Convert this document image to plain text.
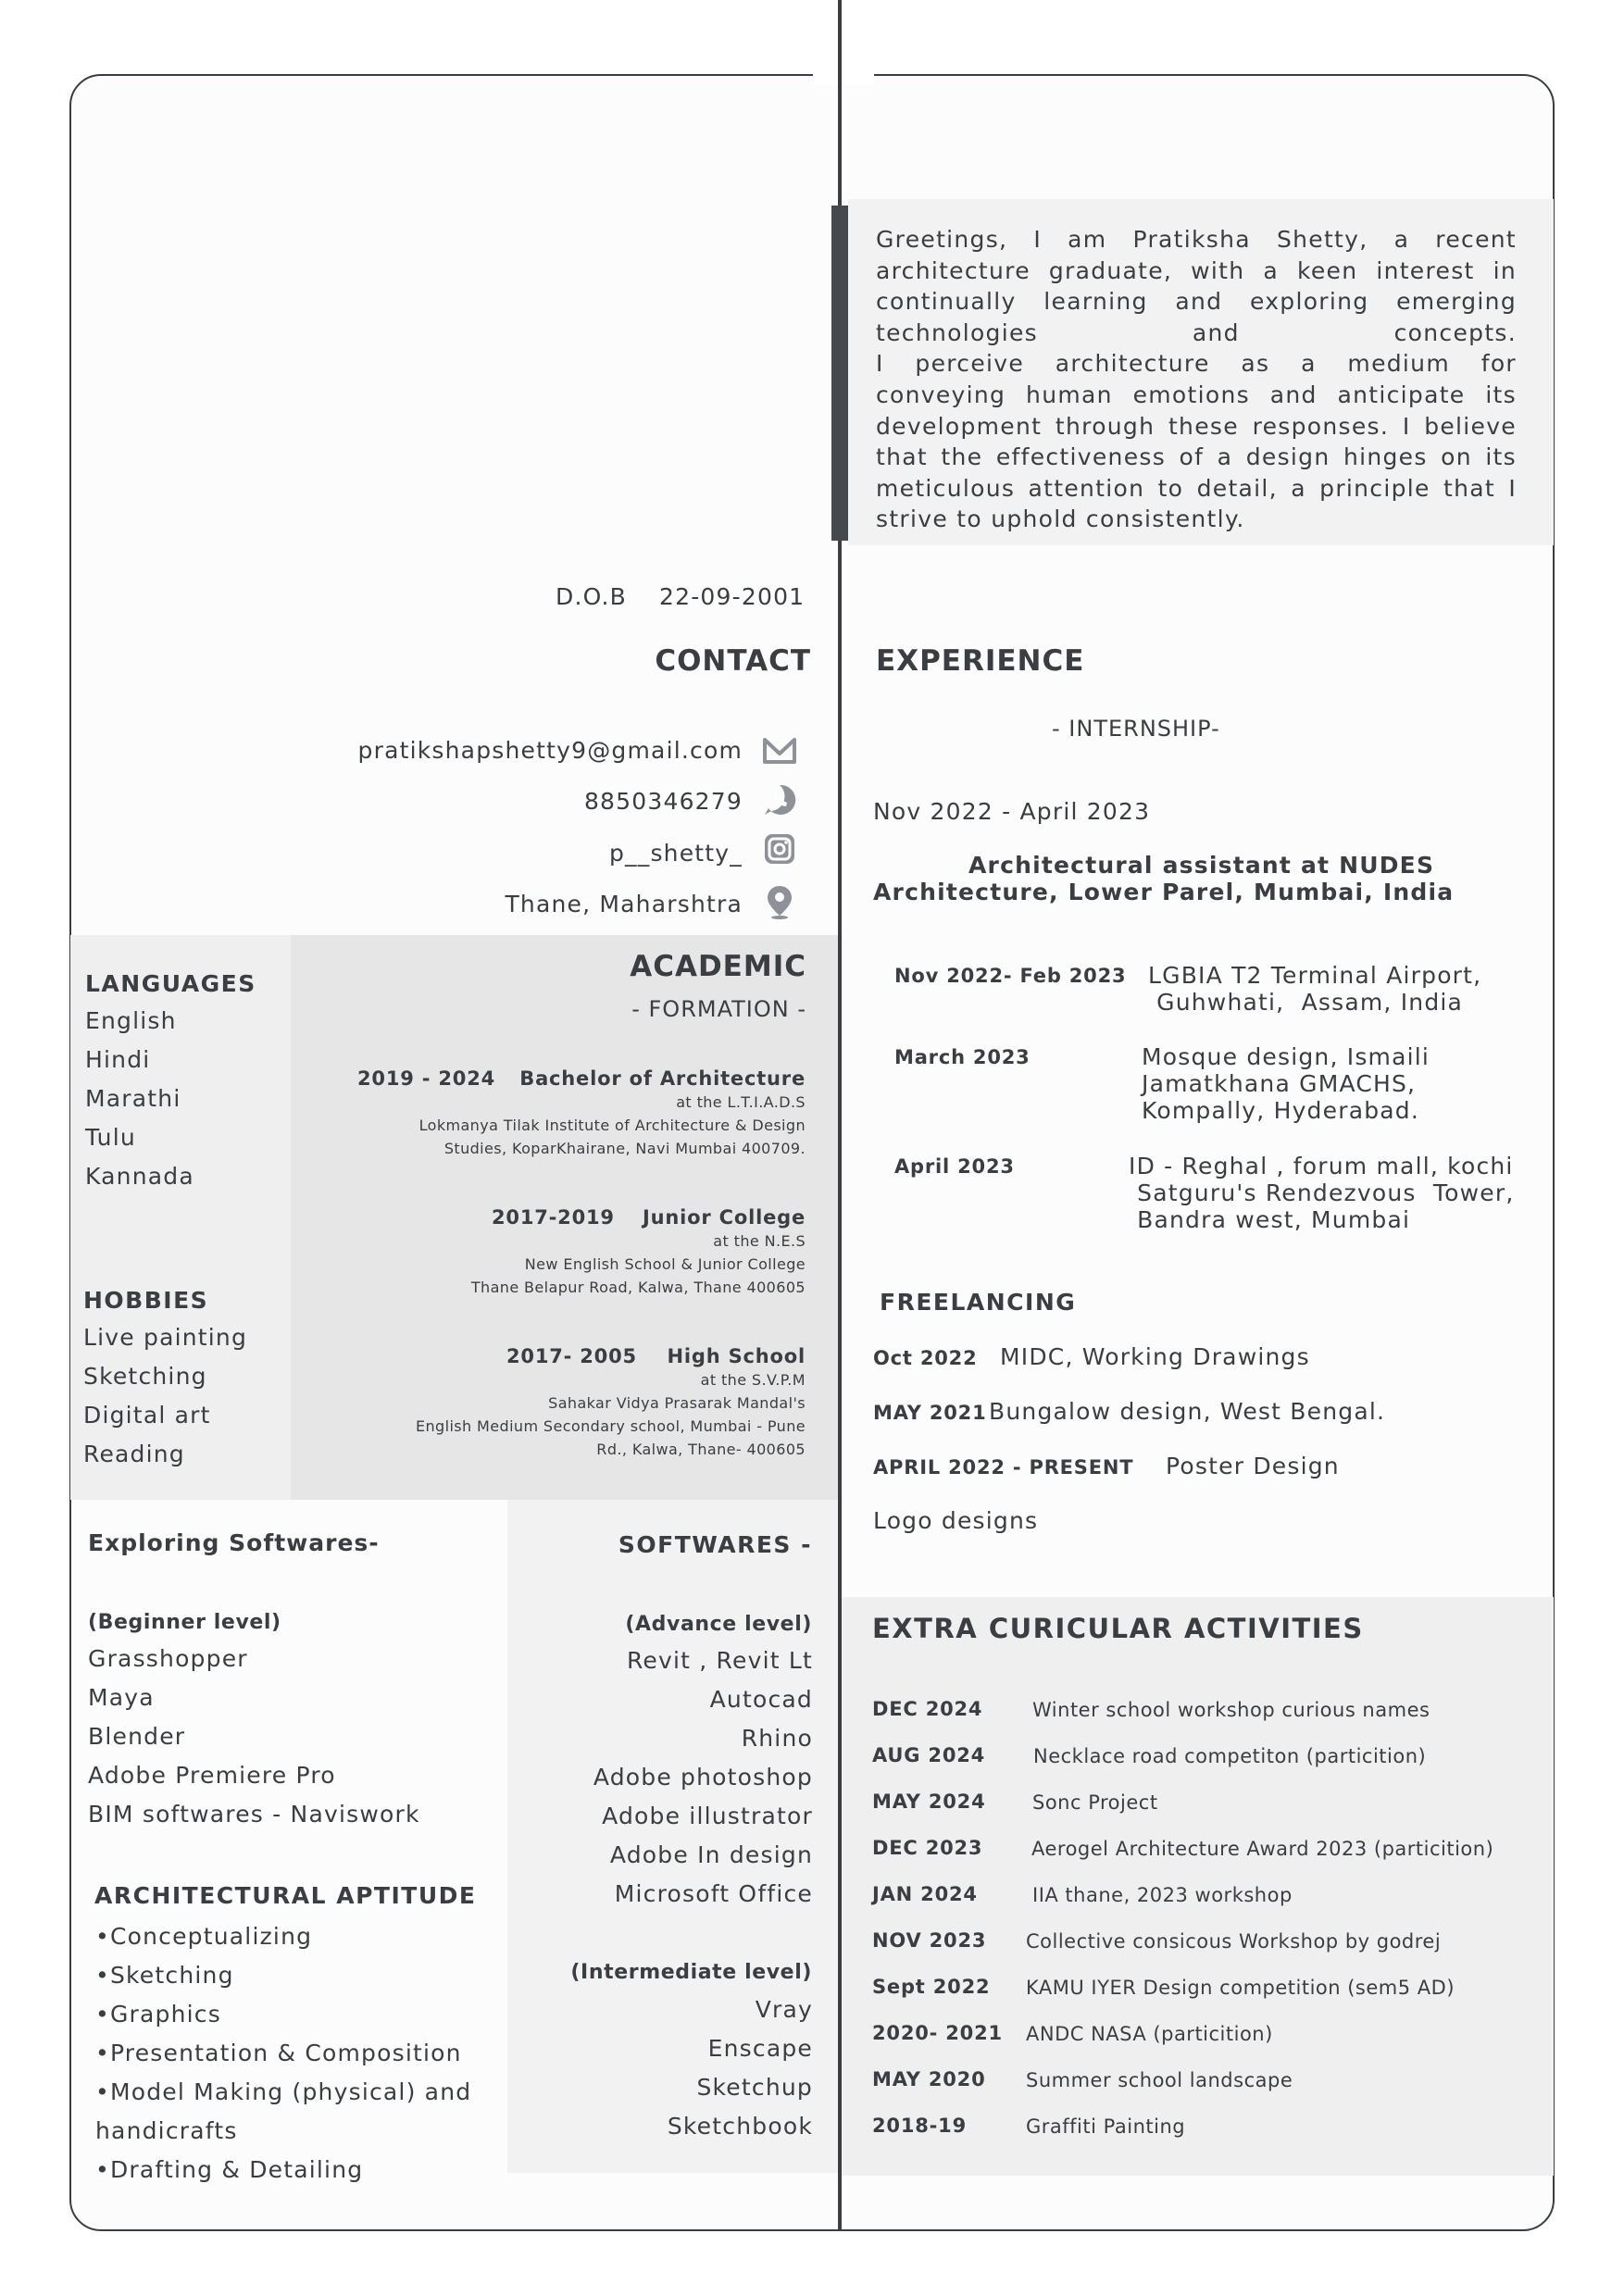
Greetings, I am Pratiksha Shetty, a recent architecture graduate, with a keen interest in continually learning and exploring emerging technologies and concepts.

I perceive architecture as a medium for conveying human emotions and anticipate its development through these responses. I believe that the effectiveness of a design hinges on its meticulous attention to detail, a principle that I strive to uphold consistently.

D.O.B 22-09-2001
CONTACT
pratikshapshetty9@gmail.com
8850346279
p__shetty_
Thane, Maharshtra
LANGUAGES
English
Hindi
Marathi
Tulu
Kannada
HOBBIES
Live painting
Sketching
Digital art
Reading
ACADEMIC
- FORMATION -
2019 - 2024	Bachelor of Architecture
at the L.T.I.A.D.S
Lokmanya Tilak Institute of Architecture & Design
Studies, KoparKhairane, Navi Mumbai 400709.
2017-2019	Junior College
at the N.E.S
New English School & Junior College
Thane Belapur Road, Kalwa, Thane 400605
2017- 2005	High School
at the S.V.P.M
Sahakar Vidya Prasarak Mandal's
English Medium Secondary school, Mumbai - Pune
Rd., Kalwa, Thane- 400605
Exploring Softwares-
(Beginner level)
Grasshopper
Maya
Blender
Adobe Premiere Pro
BIM softwares - Naviswork
ARCHITECTURAL APTITUDE
•Conceptualizing
•Sketching
•Graphics
•Presentation & Composition
•Model Making (physical) and
handicrafts
•Drafting & Detailing
SOFTWARES -
(Advance level)
Revit , Revit Lt
Autocad
Rhino
Adobe photoshop
Adobe illustrator
Adobe In design
Microsoft Office
(Intermediate level)
Vray
Enscape
Sketchup
Sketchbook
EXPERIENCE
- INTERNSHIP-
Nov 2022 - April 2023
Architectural assistant at NUDES
Architecture, Lower Parel, Mumbai, India
Nov 2022- Feb 2023 LGBIA T2 Terminal Airport,
Guhwhati,  Assam, India
March 2023	Mosque design, Ismaili
Jamatkhana GMACHS,
Kompally, Hyderabad.
April 2023	ID - Reghal , forum mall, kochi
Satguru's Rendezvous  Tower,
Bandra west, Mumbai
FREELANCING
Oct 2022 MIDC, Working Drawings
MAY 2021 Bungalow design, West Bengal.
APRIL 2022 - PRESENT Poster Design
Logo designs
EXTRA CURICULAR ACTIVITIES
DEC 2024	Winter school workshop curious names
AUG 2024 Necklace road competiton (particition)
MAY 2024 Sonc Project
DEC 2023	Aerogel Architecture Award 2023 (particition)
JAN 2024	IIA thane, 2023 workshop
NOV 2023 Collective consicous Workshop by godrej
Sept 2022 KAMU IYER Design competition (sem5 AD)
2020- 2021 ANDC NASA (particition)
MAY 2020 Summer school landscape
2018-19	Graffiti Painting
